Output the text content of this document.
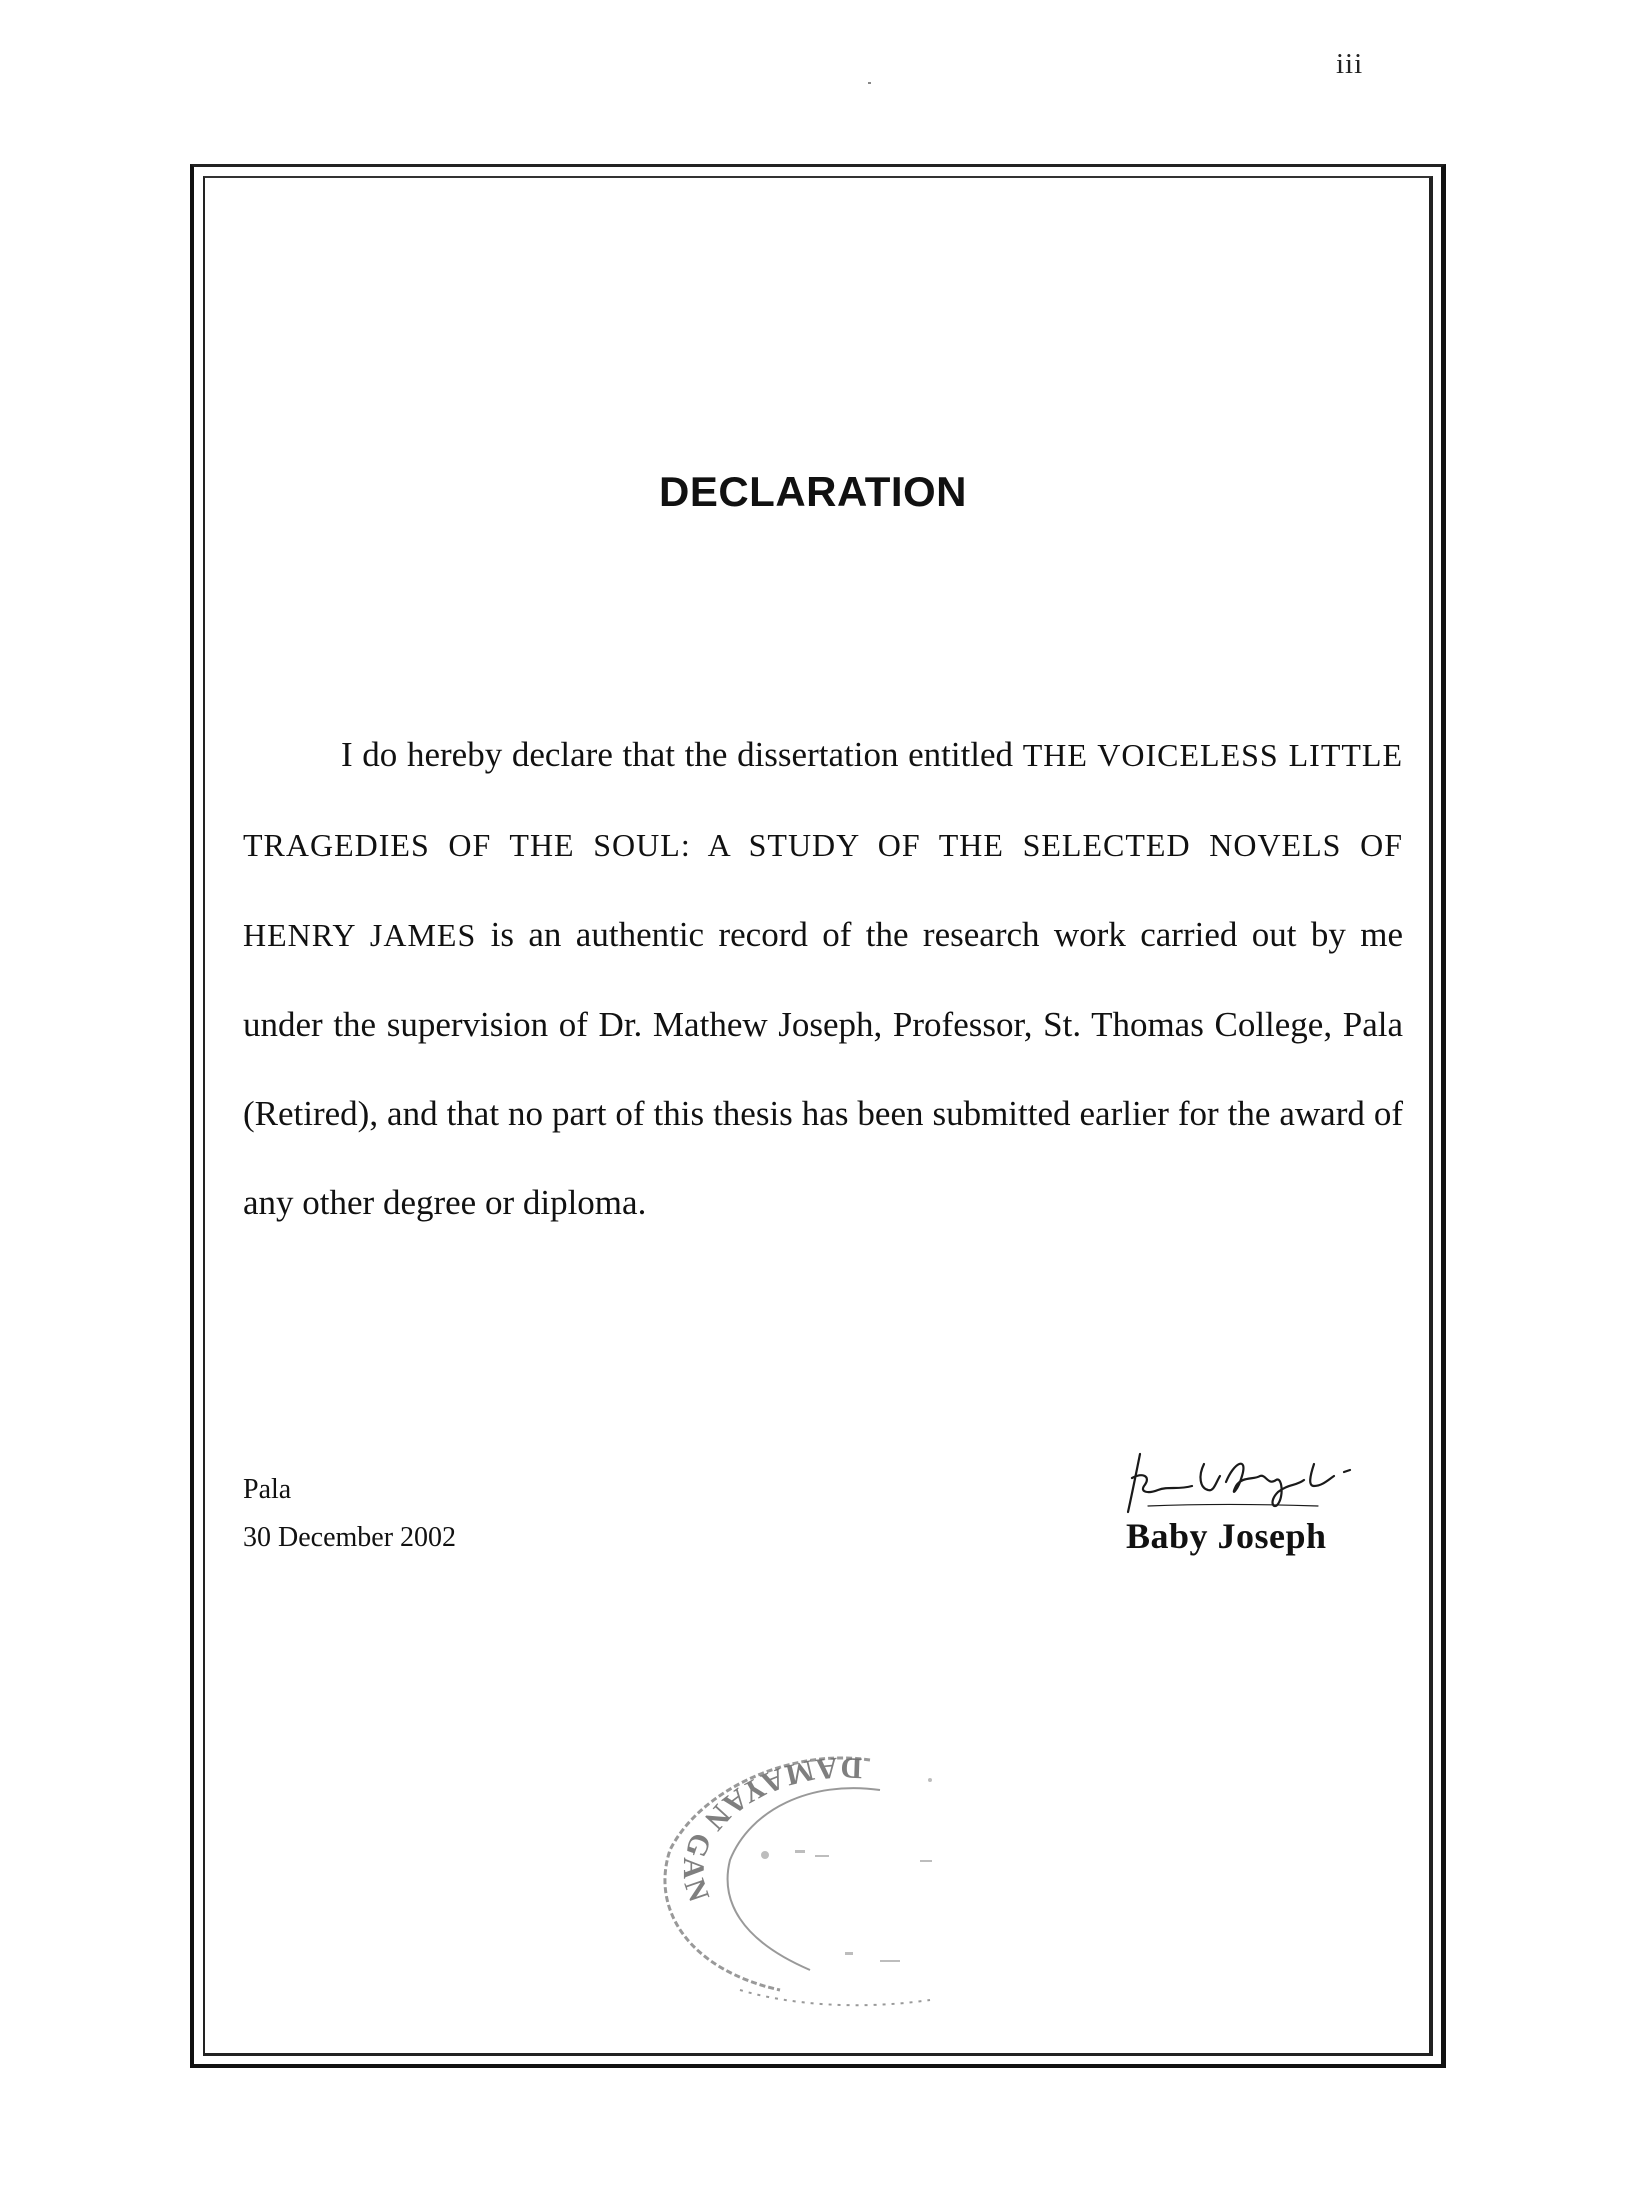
iii
DECLARATION

I do hereby declare that the dissertation entitled THE VOICELESS LITTLE TRAGEDIES OF THE SOUL: A STUDY OF THE SELECTED NOVELS OF HENRY JAMES is an authentic record of the research work carried out by me under the supervision of Dr. Mathew Joseph, Professor, St. Thomas College, Pala (Retired), and that no part of this thesis has been submitted earlier for the award of any other degree or diploma.

Pala
30 December 2002	Baby Joseph
DAMAYAN GAN
